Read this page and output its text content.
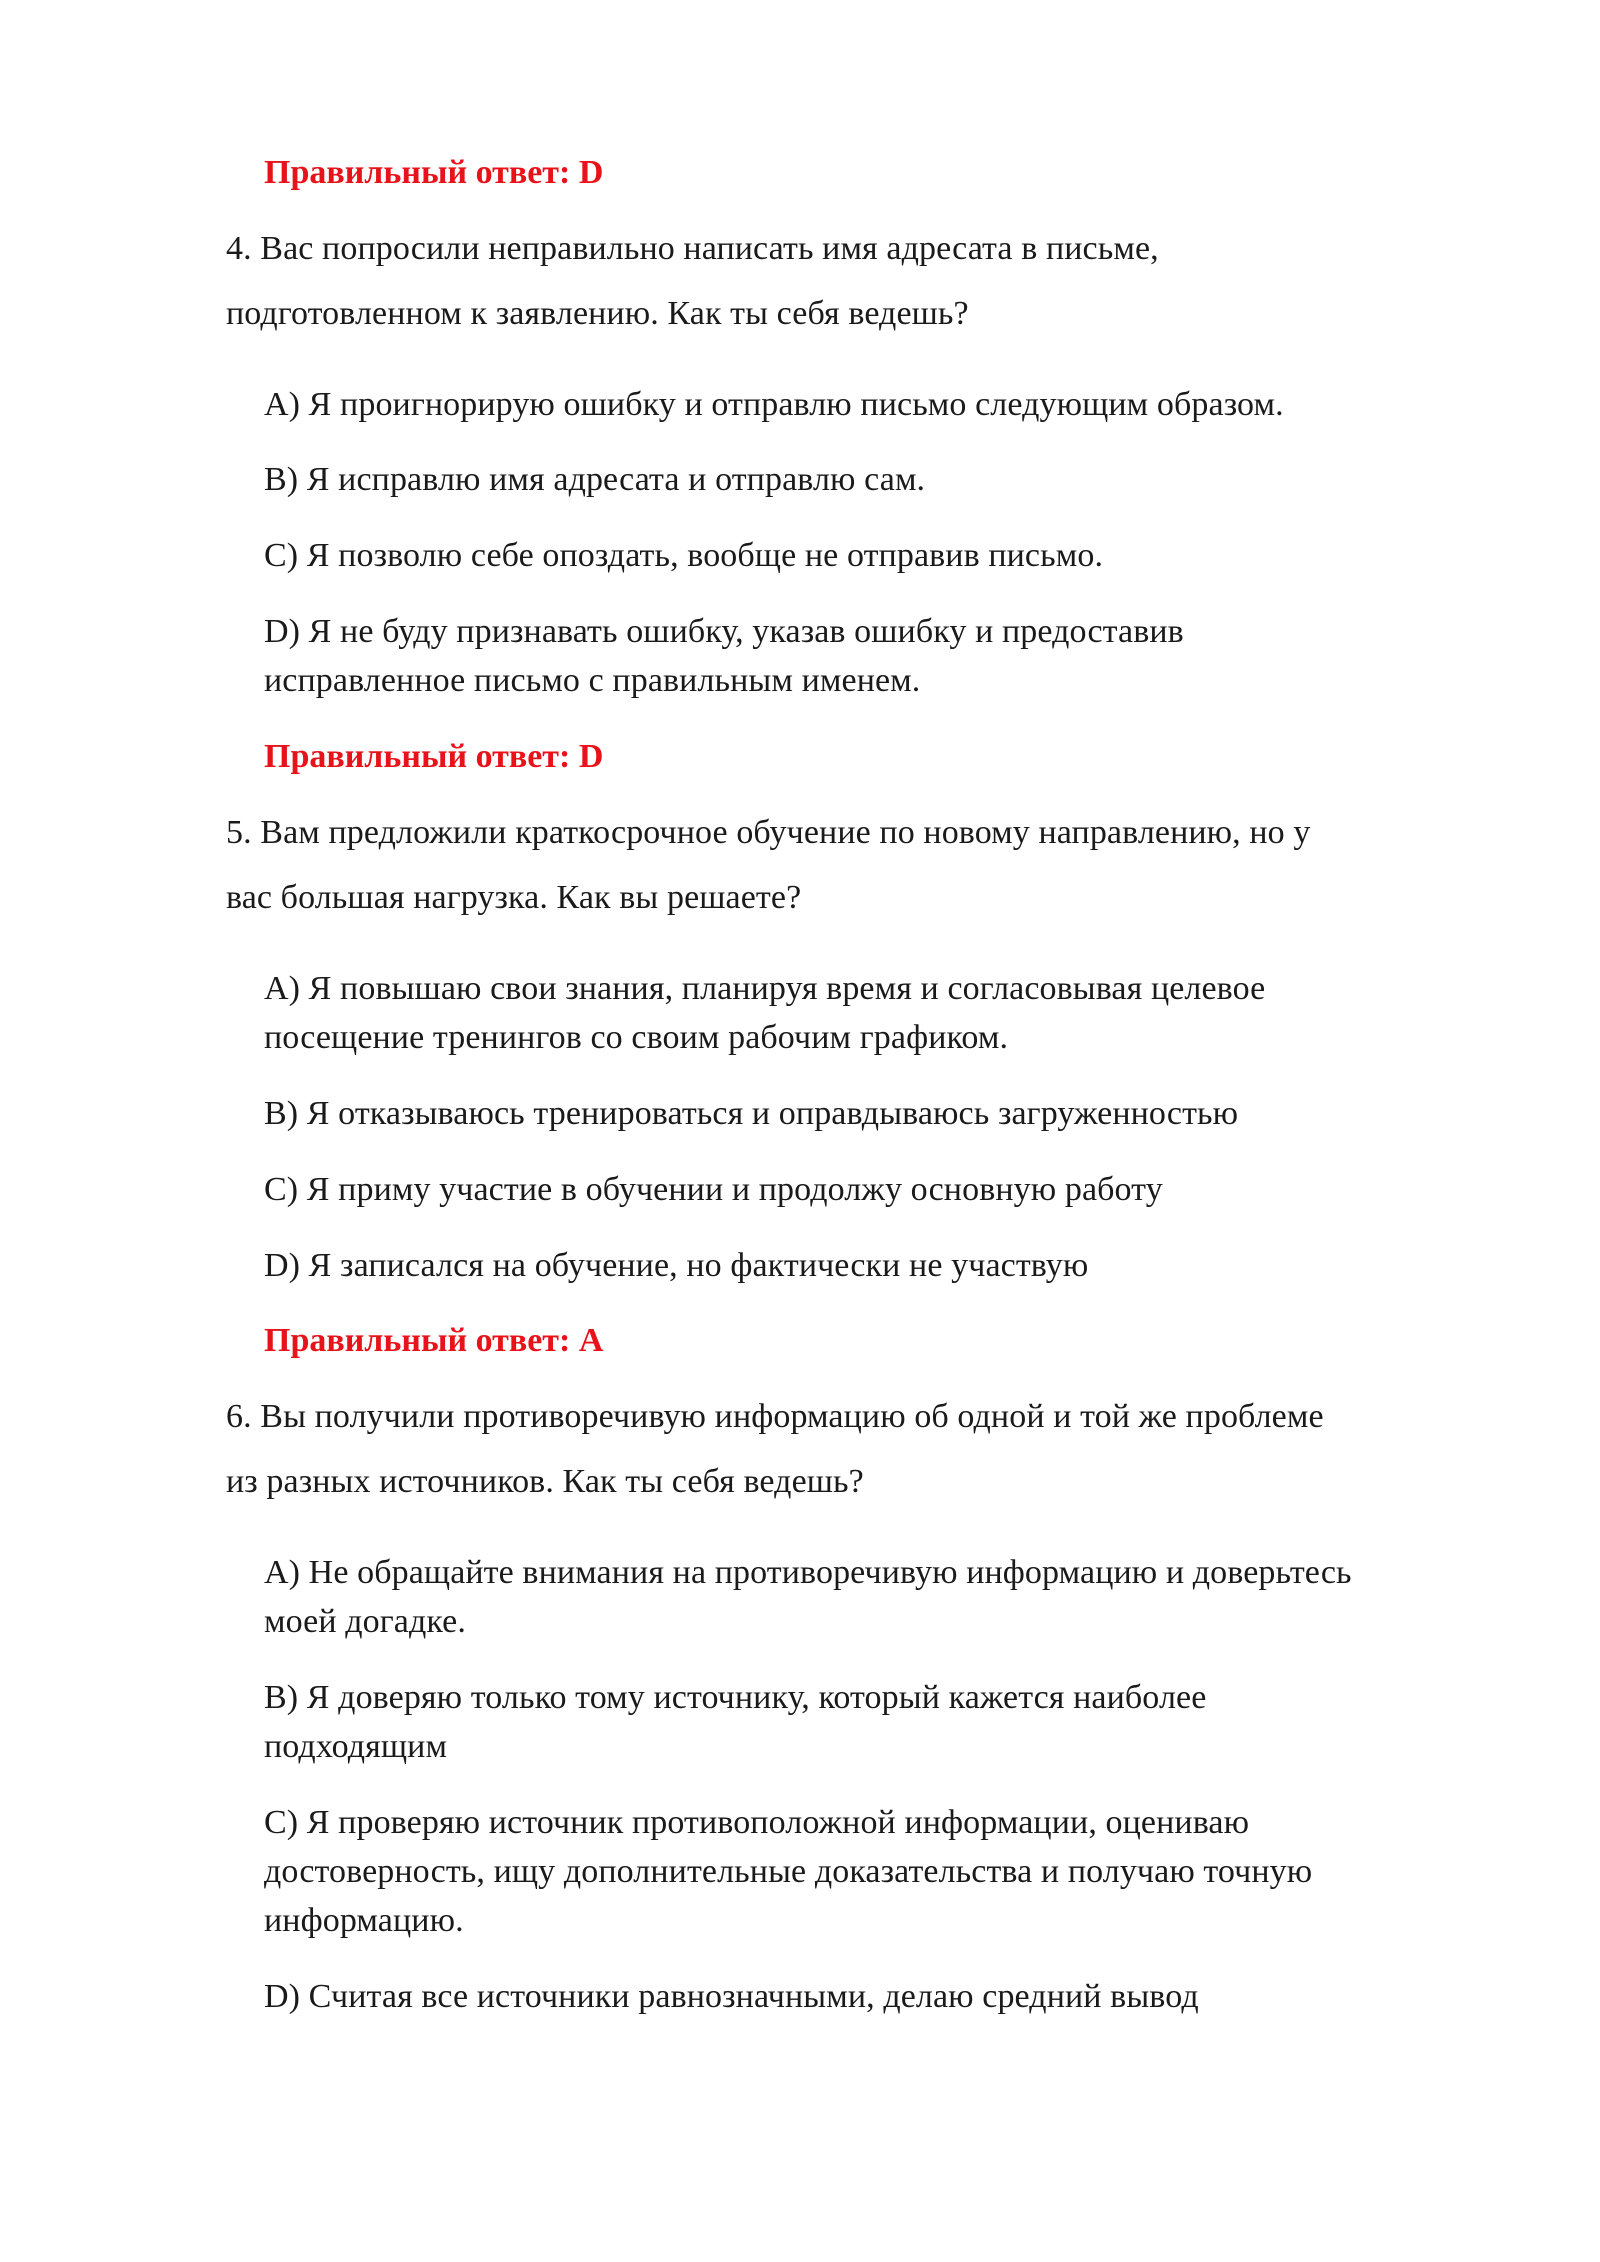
Правильный ответ: D
4. Вас попросили неправильно написать имя адресата в письме,
подготовленном к заявлению. Как ты себя ведешь?
A) Я проигнорирую ошибку и отправлю письмо следующим образом.
B) Я исправлю имя адресата и отправлю сам.
C) Я позволю себе опоздать, вообще не отправив письмо.
D) Я не буду признавать ошибку, указав ошибку и предоставив
исправленное письмо с правильным именем.
Правильный ответ: D
5. Вам предложили краткосрочное обучение по новому направлению, но у
вас большая нагрузка. Как вы решаете?
A) Я повышаю свои знания, планируя время и согласовывая целевое
посещение тренингов со своим рабочим графиком.
B) Я отказываюсь тренироваться и оправдываюсь загруженностью
C) Я приму участие в обучении и продолжу основную работу
D) Я записался на обучение, но фактически не участвую
Правильный ответ: A
6. Вы получили противоречивую информацию об одной и той же проблеме
из разных источников. Как ты себя ведешь?
A) Не обращайте внимания на противоречивую информацию и доверьтесь
моей догадке.
B) Я доверяю только тому источнику, который кажется наиболее
подходящим
C) Я проверяю источник противоположной информации, оцениваю
достоверность, ищу дополнительные доказательства и получаю точную
информацию.
D) Считая все источники равнозначными, делаю средний вывод
